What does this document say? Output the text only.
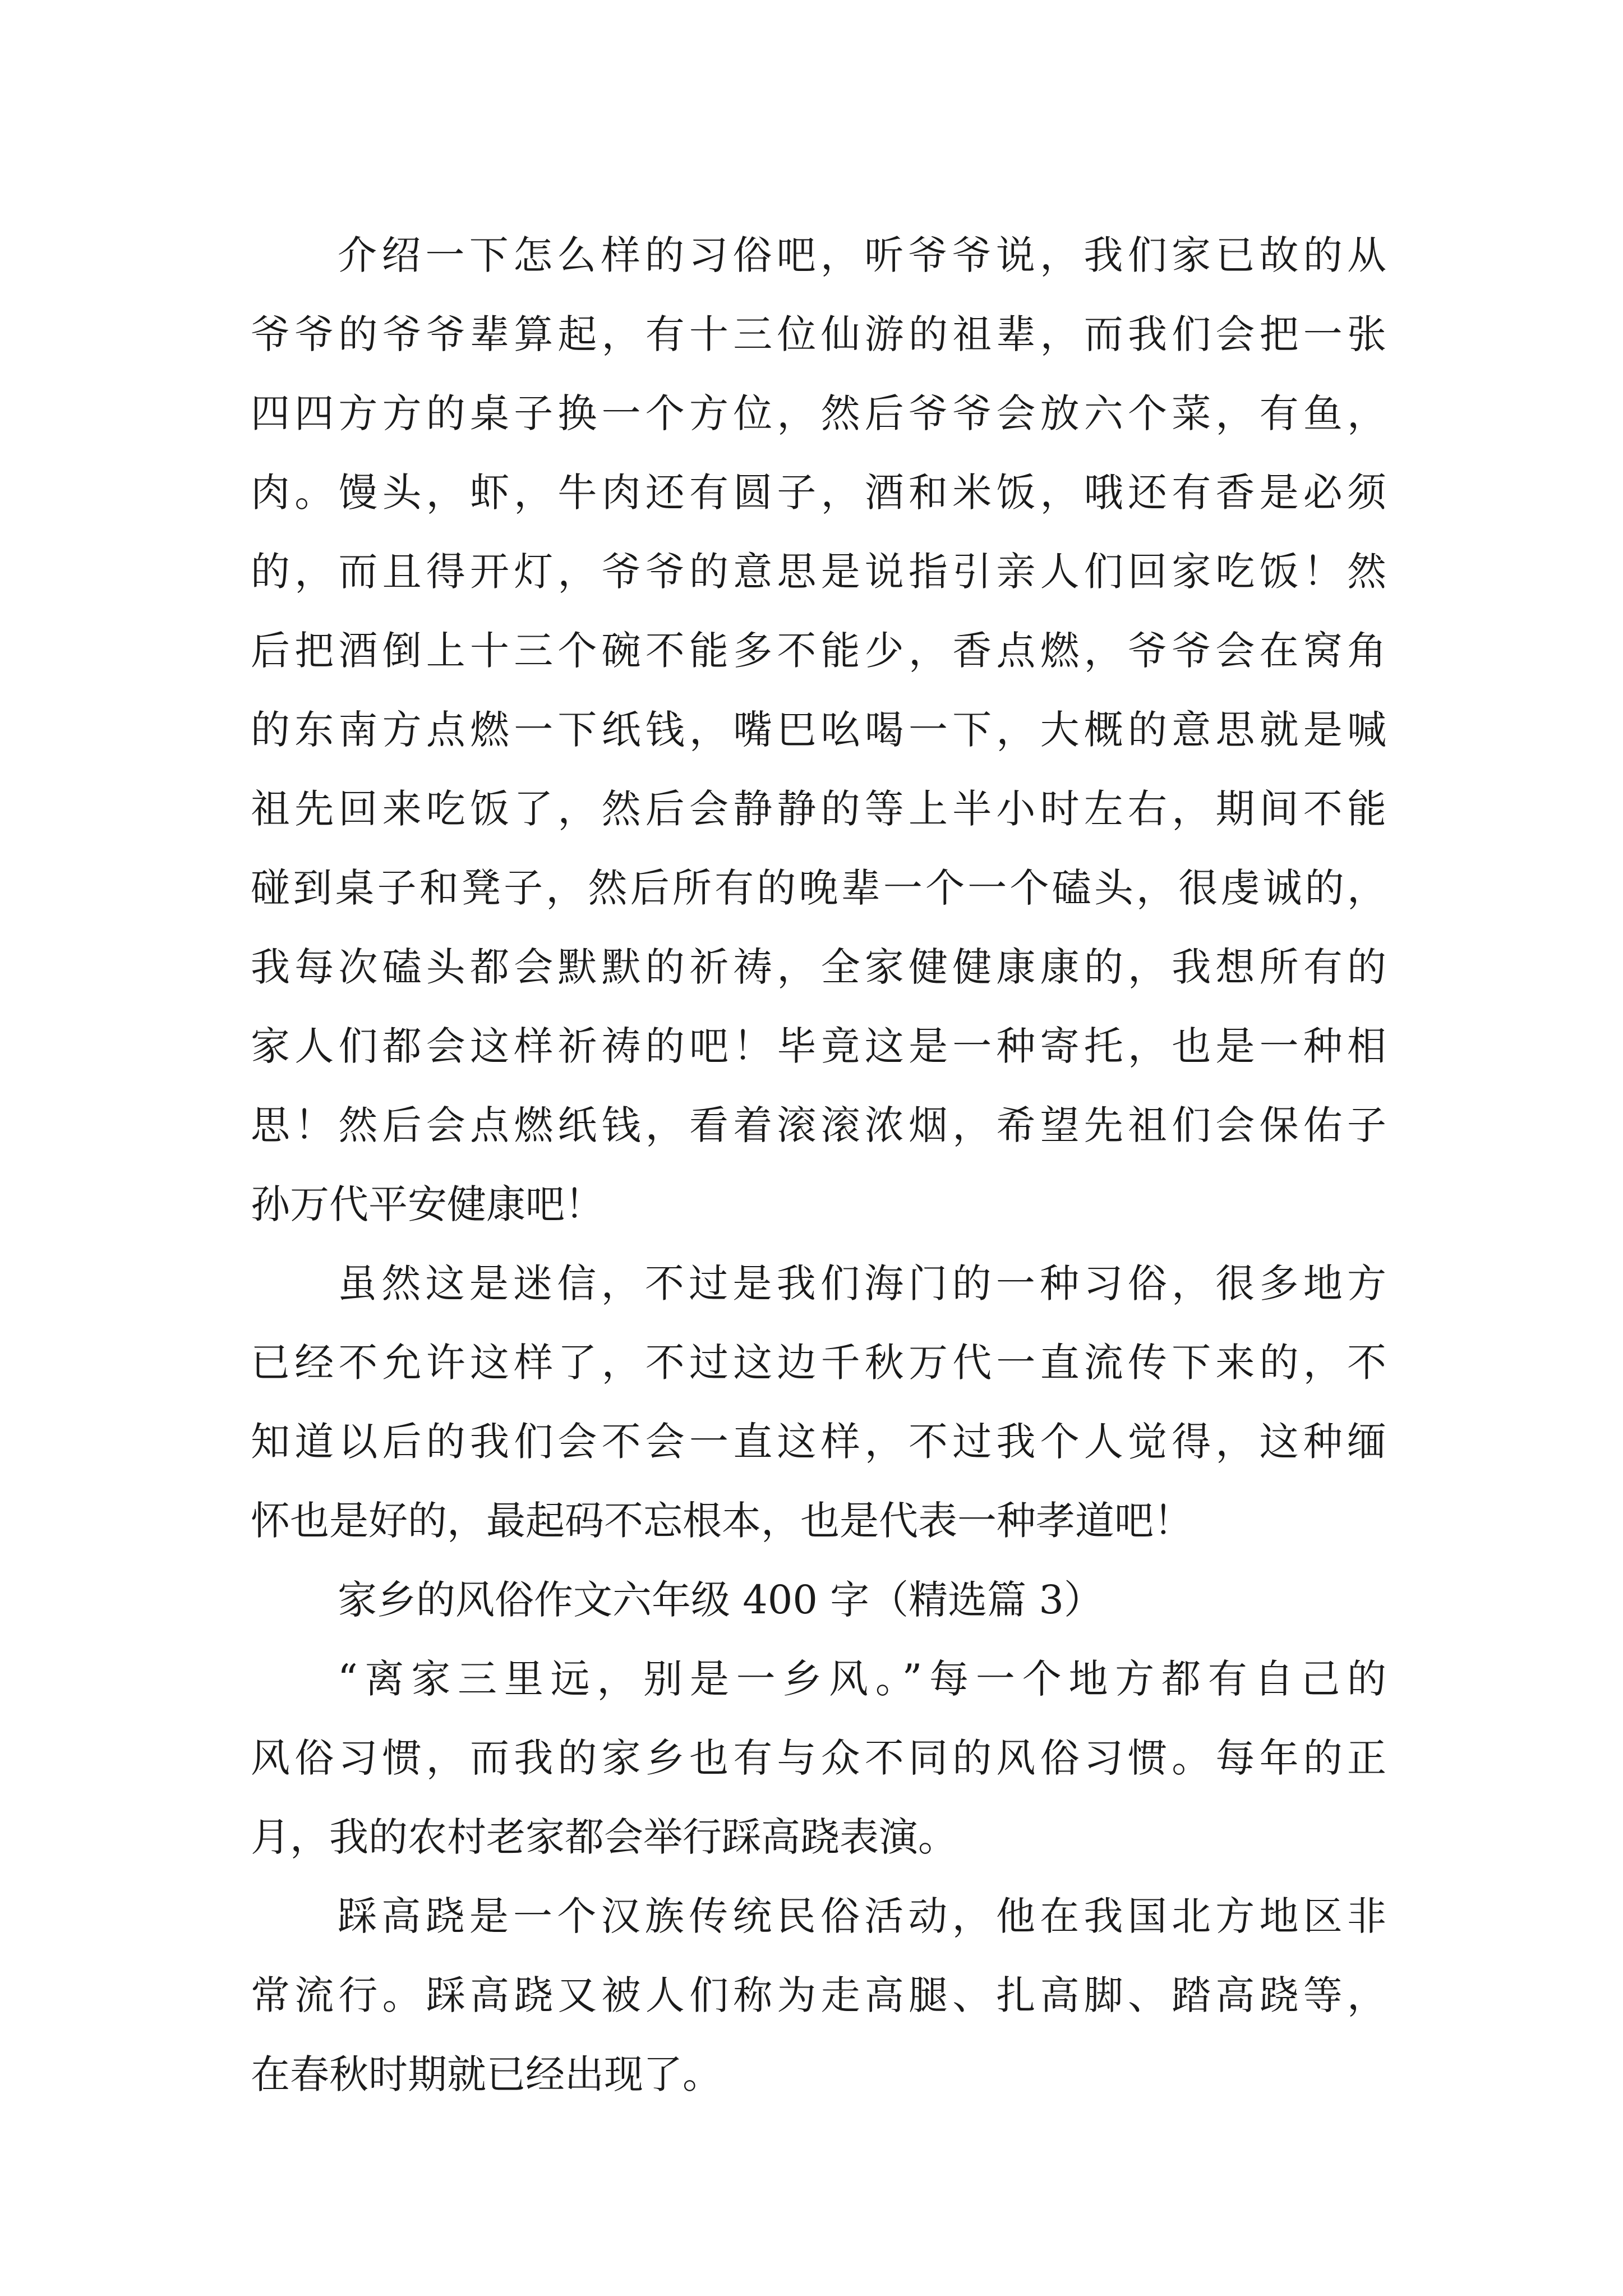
介绍一下怎么样的习俗吧，听爷爷说，我们家已故的从
爷爷的爷爷辈算起，有十三位仙游的祖辈，而我们会把一张
四四方方的桌子换一个方位，然后爷爷会放六个菜，有鱼，
肉。馒头，虾，牛肉还有圆子，酒和米饭，哦还有香是必须
的，而且得开灯，爷爷的意思是说指引亲人们回家吃饭！然
后把酒倒上十三个碗不能多不能少，香点燃，爷爷会在窝角
的东南方点燃一下纸钱，嘴巴吆喝一下，大概的意思就是喊
祖先回来吃饭了，然后会静静的等上半小时左右，期间不能
碰到桌子和凳子，然后所有的晚辈一个一个磕头，很虔诚的，
我每次磕头都会默默的祈祷，全家健健康康的，我想所有的
家人们都会这样祈祷的吧！毕竟这是一种寄托，也是一种相
思！然后会点燃纸钱，看着滚滚浓烟，希望先祖们会保佑子
孙万代平安健康吧！
虽然这是迷信，不过是我们海门的一种习俗，很多地方
已经不允许这样了，不过这边千秋万代一直流传下来的，不
知道以后的我们会不会一直这样，不过我个人觉得，这种缅
怀也是好的，最起码不忘根本，也是代表一种孝道吧！
家乡的风俗作文六年级 400 字（精选篇 3）
“离家三里远，别是一乡风。”每一个地方都有自己的
风俗习惯，而我的家乡也有与众不同的风俗习惯。每年的正
月，我的农村老家都会举行踩高跷表演。
踩高跷是一个汉族传统民俗活动，他在我国北方地区非
常流行。踩高跷又被人们称为走高腿、扎高脚、踏高跷等，
在春秋时期就已经出现了。
